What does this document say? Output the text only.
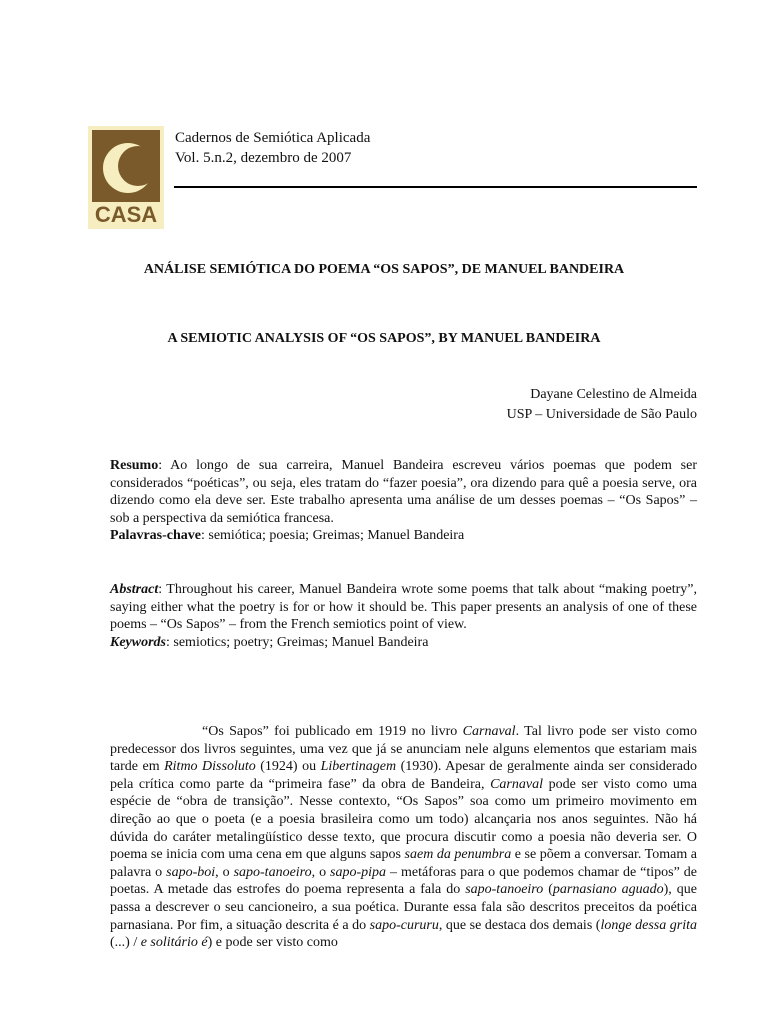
CASA
Cadernos de Semiótica Aplicada
Vol. 5.n.2, dezembro de 2007
ANÁLISE SEMIÓTICA DO POEMA “OS SAPOS”, DE MANUEL BANDEIRA
A SEMIOTIC ANALYSIS OF “OS SAPOS”, BY MANUEL BANDEIRA
Dayane Celestino de Almeida
USP – Universidade de São Paulo

Resumo: Ao longo de sua carreira, Manuel Bandeira escreveu vários poemas que podem ser considerados “poéticas”, ou seja, eles tratam do “fazer poesia”, ora dizendo para quê a poesia serve, ora dizendo como ela deve ser. Este trabalho apresenta uma análise de um desses poemas – “Os Sapos” – sob a perspectiva da semiótica francesa.

Palavras-chave: semiótica; poesia; Greimas; Manuel Bandeira

Abstract: Throughout his career, Manuel Bandeira wrote some poems that talk about “making poetry”, saying either what the poetry is for or how it should be. This paper presents an analysis of one of these poems – “Os Sapos” – from the French semiotics point of view.

Keywords: semiotics; poetry; Greimas; Manuel Bandeira

“Os Sapos” foi publicado em 1919 no livro Carnaval. Tal livro pode ser visto como predecessor dos livros seguintes, uma vez que já se anunciam nele alguns elementos que estariam mais tarde em Ritmo Dissoluto (1924) ou Libertinagem (1930). Apesar de geralmente ainda ser considerado pela crítica como parte da “primeira fase” da obra de Bandeira, Carnaval pode ser visto como uma espécie de “obra de transição”. Nesse contexto, “Os Sapos” soa como um primeiro movimento em direção ao que o poeta (e a poesia brasileira como um todo) alcançaria nos anos seguintes. Não há dúvida do caráter metalingüístico desse texto, que procura discutir como a poesia não deveria ser. O poema se inicia com uma cena em que alguns sapos saem da penumbra e se põem a conversar. Tomam a palavra o sapo-boi, o sapo-tanoeiro, o sapo-pipa – metáforas para o que podemos chamar de “tipos” de poetas. A metade das estrofes do poema representa a fala do sapo-tanoeiro (parnasiano aguado), que passa a descrever o seu cancioneiro, a sua poética. Durante essa fala são descritos preceitos da poética parnasiana. Por fim, a situação descrita é a do sapo-cururu, que se destaca dos demais (longe dessa grita (...) / e solitário é) e pode ser visto como
